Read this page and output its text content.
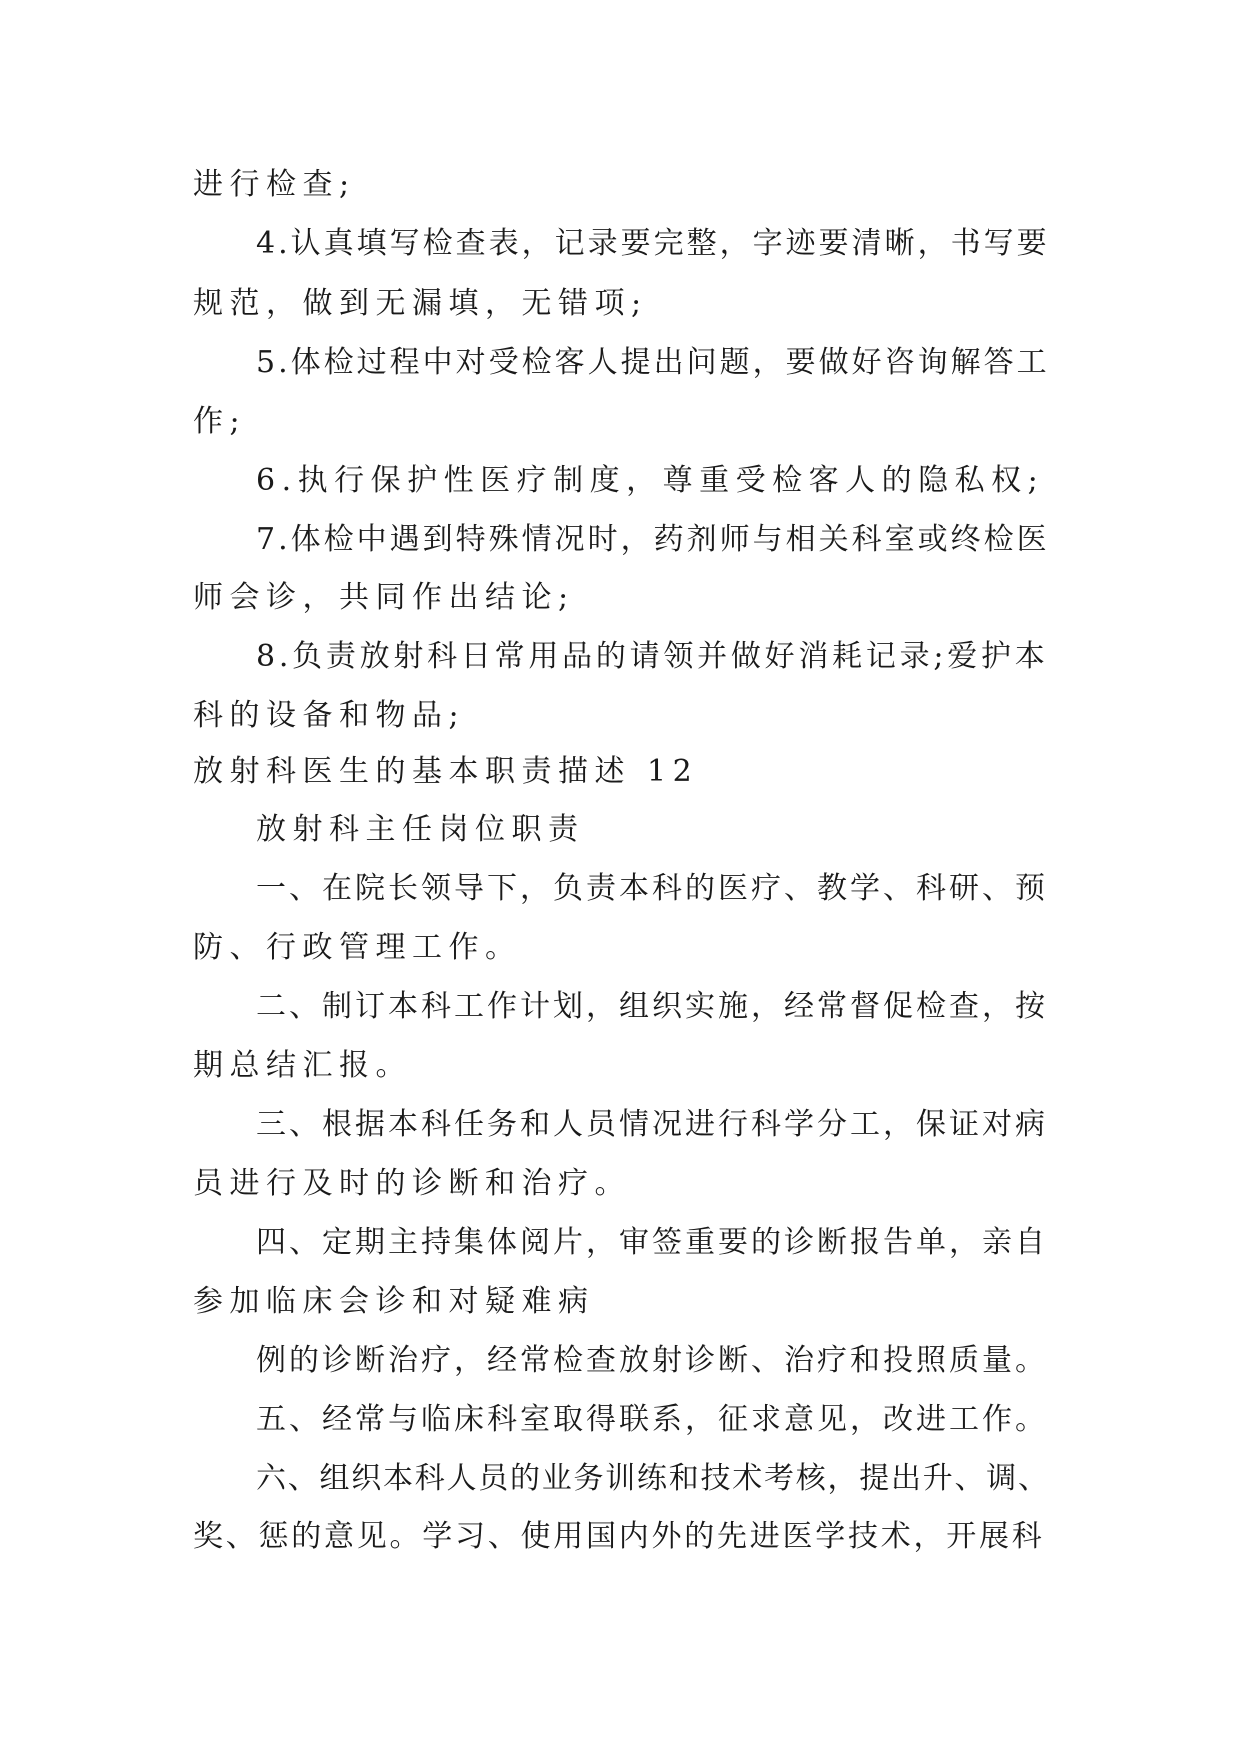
进行检查;
4.认真填写检查表，记录要完整，字迹要清晰，书写要
规范，做到无漏填，无错项;
5.体检过程中对受检客人提出问题，要做好咨询解答工
作;
6.执行保护性医疗制度，尊重受检客人的隐私权;
7.体检中遇到特殊情况时，药剂师与相关科室或终检医
师会诊，共同作出结论;
8.负责放射科日常用品的请领并做好消耗记录;爱护本
科的设备和物品;
放射科医生的基本职责描述 12
放射科主任岗位职责
一、在院长领导下，负责本科的医疗、教学、科研、预
防、行政管理工作。
二、制订本科工作计划，组织实施，经常督促检查，按
期总结汇报。
三、根据本科任务和人员情况进行科学分工，保证对病
员进行及时的诊断和治疗。
四、定期主持集体阅片，审签重要的诊断报告单，亲自
参加临床会诊和对疑难病
例的诊断治疗，经常检查放射诊断、治疗和投照质量。
五、经常与临床科室取得联系，征求意见，改进工作。
六、组织本科人员的业务训练和技术考核，提出升、调、
奖、惩的意见。学习、使用国内外的先进医学技术，开展科
